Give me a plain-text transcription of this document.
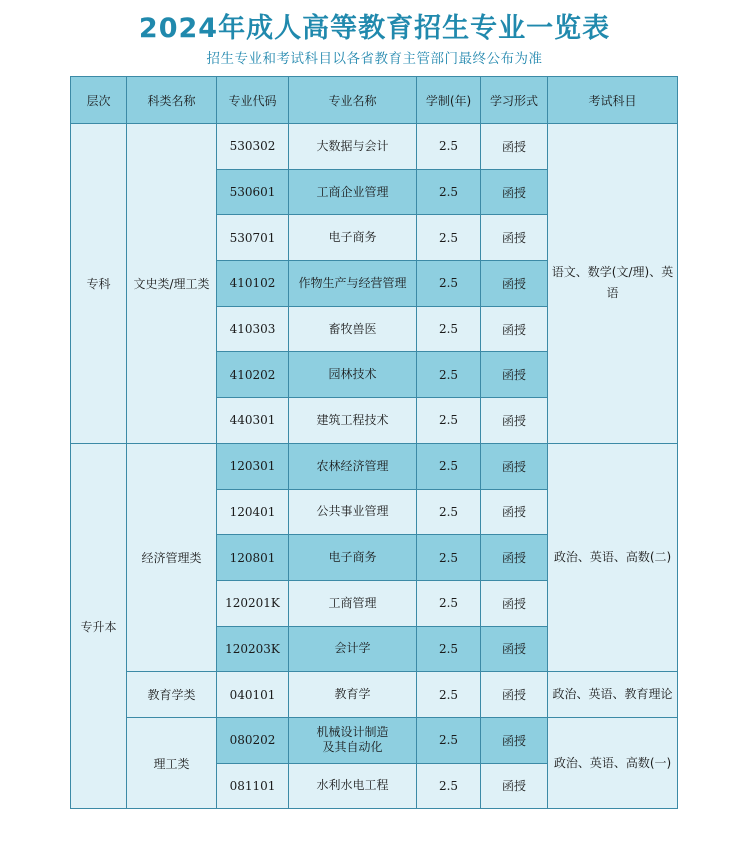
2024年成人高等教育招生专业一览表
招生专业和考试科目以各省教育主管部门最终公布为准
层次	科类名称	专业代码	专业名称	学制(年)	学习形式	考试科目
专科	文史类/理工类	530302	大数据与会计	2.5	函授	语文、数学(文/理)、英语
		530601	工商企业管理	2.5	函授	
		530701	电子商务	2.5	函授	
		410102	作物生产与经营管理	2.5	函授	
		410303	畜牧兽医	2.5	函授	
		410202	园林技术	2.5	函授	
		440301	建筑工程技术	2.5	函授	
专升本	经济管理类	120301	农林经济管理	2.5	函授	政治、英语、高数(二)
		120401	公共事业管理	2.5	函授	
		120801	电子商务	2.5	函授	
		120201K	工商管理	2.5	函授	
		120203K	会计学	2.5	函授	
	教育学类	040101	教育学	2.5	函授	政治、英语、教育理论
	理工类	080202	机械设计制造
及其自动化	2.5	函授	政治、英语、高数(一)
		081101	水利水电工程	2.5	函授	
